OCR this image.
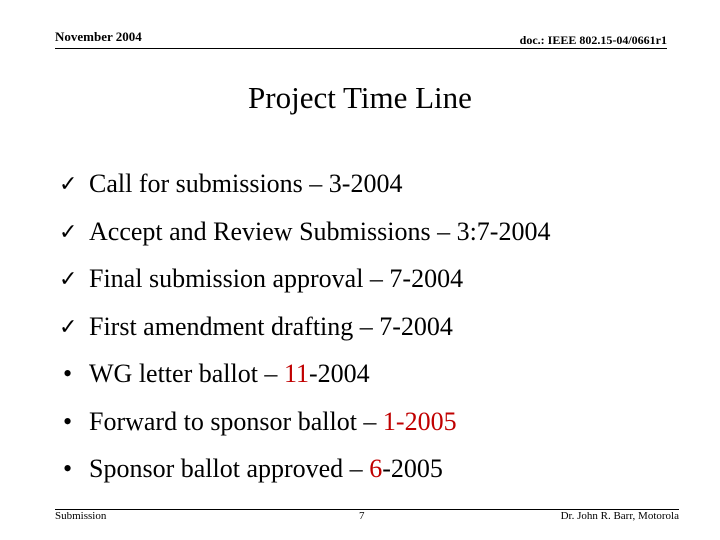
November 2004	doc.: IEEE 802.15-04/0661r1
Project Time Line
✓ Call for submissions – 3-2004
✓ Accept and Review Submissions – 3:7-2004
✓ Final submission approval – 7-2004
✓ First amendment drafting – 7-2004
• WG letter ballot – 11-2004
• Forward to sponsor ballot – 1-2005
• Sponsor ballot approved – 6-2005
Submission	7	Dr. John R. Barr, Motorola
